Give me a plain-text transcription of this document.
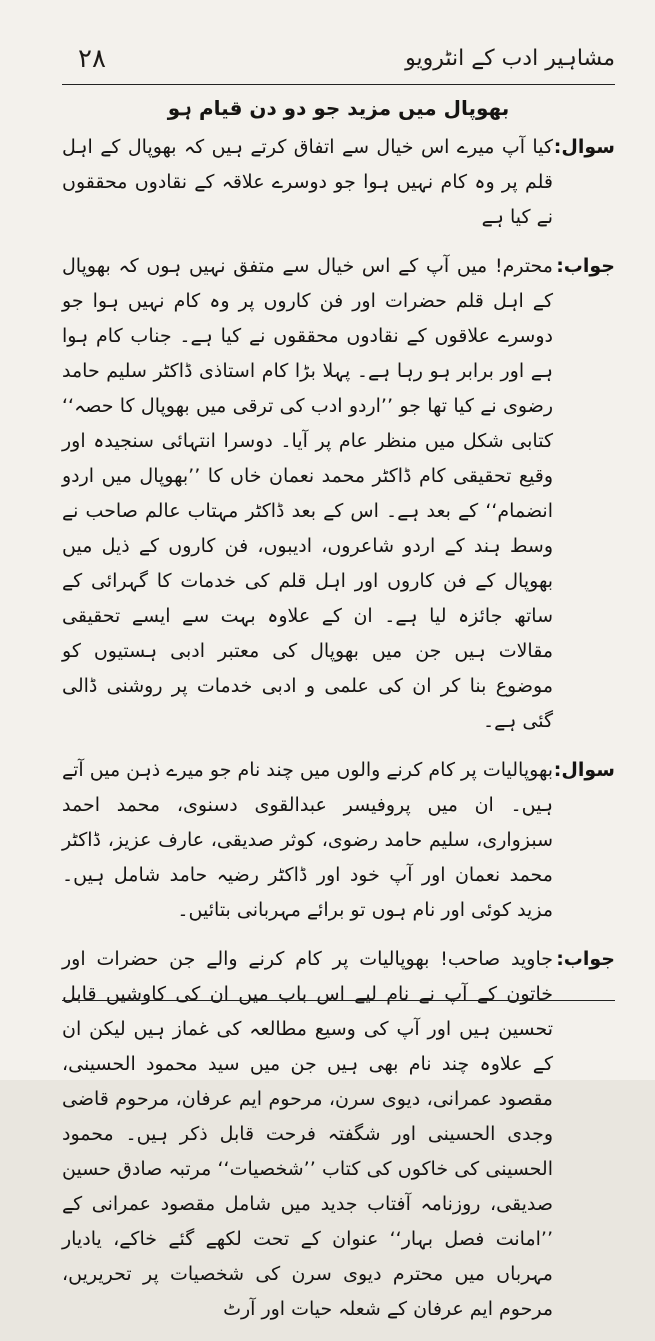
۲۸	مشاہیر ادب کے انٹرویو
بھوپال میں مزید جو دو دن قیام ہو
سوال:
کیا آپ میرے اس خیال سے اتفاق کرتے ہیں کہ بھوپال کے اہل قلم پر وہ کام نہیں ہوا جو دوسرے علاقہ کے نقادوں محققوں نے کیا ہے
جواب:
محترم! میں آپ کے اس خیال سے متفق نہیں ہوں کہ بھوپال کے اہل قلم حضرات اور فن کاروں پر وہ کام نہیں ہوا جو دوسرے علاقوں کے نقادوں محققوں نے کیا ہے۔ جناب کام ہوا ہے اور برابر ہو رہا ہے۔ پہلا بڑا کام استاذی ڈاکٹر سلیم حامد رضوی نے کیا تھا جو ’’اردو ادب کی ترقی میں بھوپال کا حصہ‘‘ کتابی شکل میں منظر عام پر آیا۔ دوسرا انتہائی سنجیدہ اور وقیع تحقیقی کام ڈاکٹر محمد نعمان خاں کا ’’بھوپال میں اردو انضمام‘‘ کے بعد ہے۔ اس کے بعد ڈاکٹر مہتاب عالم صاحب نے وسط ہند کے اردو شاعروں، ادیبوں، فن کاروں کے ذیل میں بھوپال کے فن کاروں اور اہل قلم کی خدمات کا گہرائی کے ساتھ جائزہ لیا ہے۔ ان کے علاوہ بہت سے ایسے تحقیقی مقالات ہیں جن میں بھوپال کی معتبر ادبی ہستیوں کو موضوع بنا کر ان کی علمی و ادبی خدمات پر روشنی ڈالی گئی ہے۔
سوال:
بھوپالیات پر کام کرنے والوں میں چند نام جو میرے ذہن میں آتے ہیں۔ ان میں پروفیسر عبدالقوی دسنوی، محمد احمد سبزواری، سلیم حامد رضوی، کوثر صدیقی، عارف عزیز، ڈاکٹر محمد نعمان اور آپ خود اور ڈاکٹر رضیہ حامد شامل ہیں۔ مزید کوئی اور نام ہوں تو برائے مہربانی بتائیں۔
جواب:
جاوید صاحب! بھوپالیات پر کام کرنے والے جن حضرات اور خاتون کے آپ نے نام لیے اس باب میں ان کی کاوشیں قابل تحسین ہیں اور آپ کی وسیع مطالعہ کی غماز ہیں لیکن ان کے علاوہ چند نام بھی ہیں جن میں سید محمود الحسینی، مقصود عمرانی، دیوی سرن، مرحوم ایم عرفان، مرحوم قاضی وجدی الحسینی اور شگفتہ فرحت قابل ذکر ہیں۔ محمود الحسینی کی خاکوں کی کتاب ’’شخصیات‘‘ مرتبہ صادق حسین صدیقی، روزنامہ آفتاب جدید میں شامل مقصود عمرانی کے ’’امانت فصل بہار‘‘ عنوان کے تحت لکھے گئے خاکے، یادیار مہرباں میں محترم دیوی سرن کی شخصیات پر تحریریں، مرحوم ایم عرفان کے شعلہ حیات اور آرٹ
